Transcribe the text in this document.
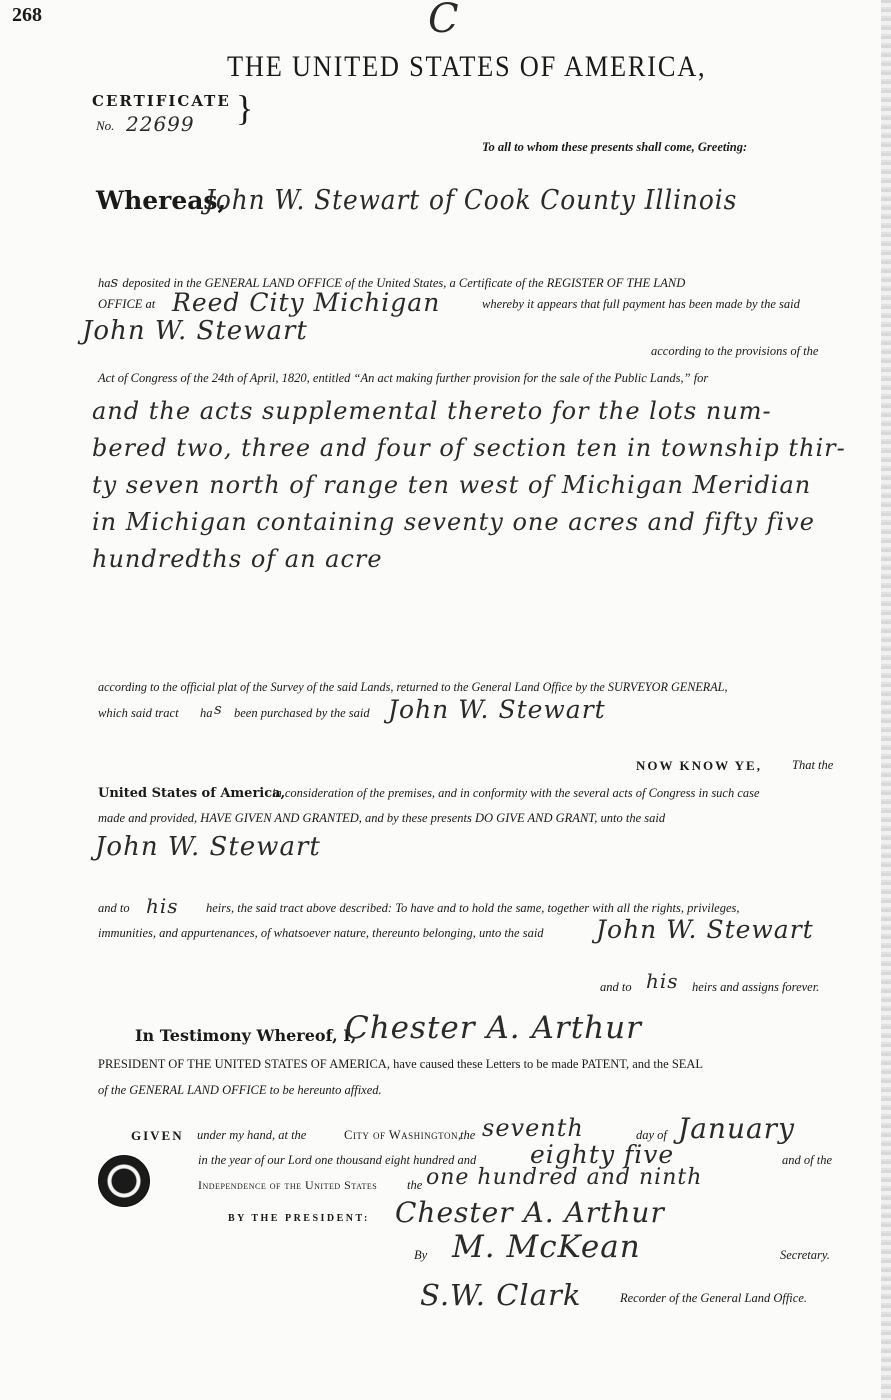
268	C
THE UNITED STATES OF AMERICA,
CERTIFICATE
No. 22699 }
To all to whom these presents shall come, Greeting:
Whereas,
John W. Stewart of Cook County Illinois
has deposited in the GENERAL LAND OFFICE of the United States, a Certificate of the REGISTER OF THE LAND
OFFICE at Reed City Michigan	whereby it appears that full payment has been made by the said
John W. Stewart
according to the provisions of the
Act of Congress of the 24th of April, 1820, entitled “An act making further provision for the sale of the Public Lands,” for
and the acts supplemental thereto for the lots num-
bered two, three and four of section ten in township thir-
ty seven north of range ten west of Michigan Meridian
in Michigan containing seventy one acres and fifty five
hundredths of an acre
according to the official plat of the Survey of the said Lands, returned to the General Land Office by the SURVEYOR GENERAL,
which said tract ha s been purchased by the said John W. Stewart
NOW KNOW YE, That the
United States of America,
in consideration of the premises, and in conformity with the several acts of Congress in such case
made and provided, HAVE GIVEN AND GRANTED, and by these presents DO GIVE AND GRANT, unto the said
John W. Stewart
and to his heirs, the said tract above described: To have and to hold the same, together with all the rights, privileges,
immunities, and appurtenances, of whatsoever nature, thereunto belonging, unto the said John W. Stewart
and to his heirs and assigns forever.
In Testimony Whereof, I,
Chester A. Arthur
PRESIDENT OF THE UNITED STATES OF AMERICA, have caused these Letters to be made PATENT, and the SEAL
of the GENERAL LAND OFFICE to be hereunto affixed.
GIVEN under my hand, at the	City of Washington,
the seventh	day of January
in the year of our Lord one thousand eight hundred and eighty five	and of the
Independence of the United States the one hundred and ninth
BY THE PRESIDENT: Chester A. Arthur
By M. McKean	Secretary.
S.W. Clark	Recorder of the General Land Office.
